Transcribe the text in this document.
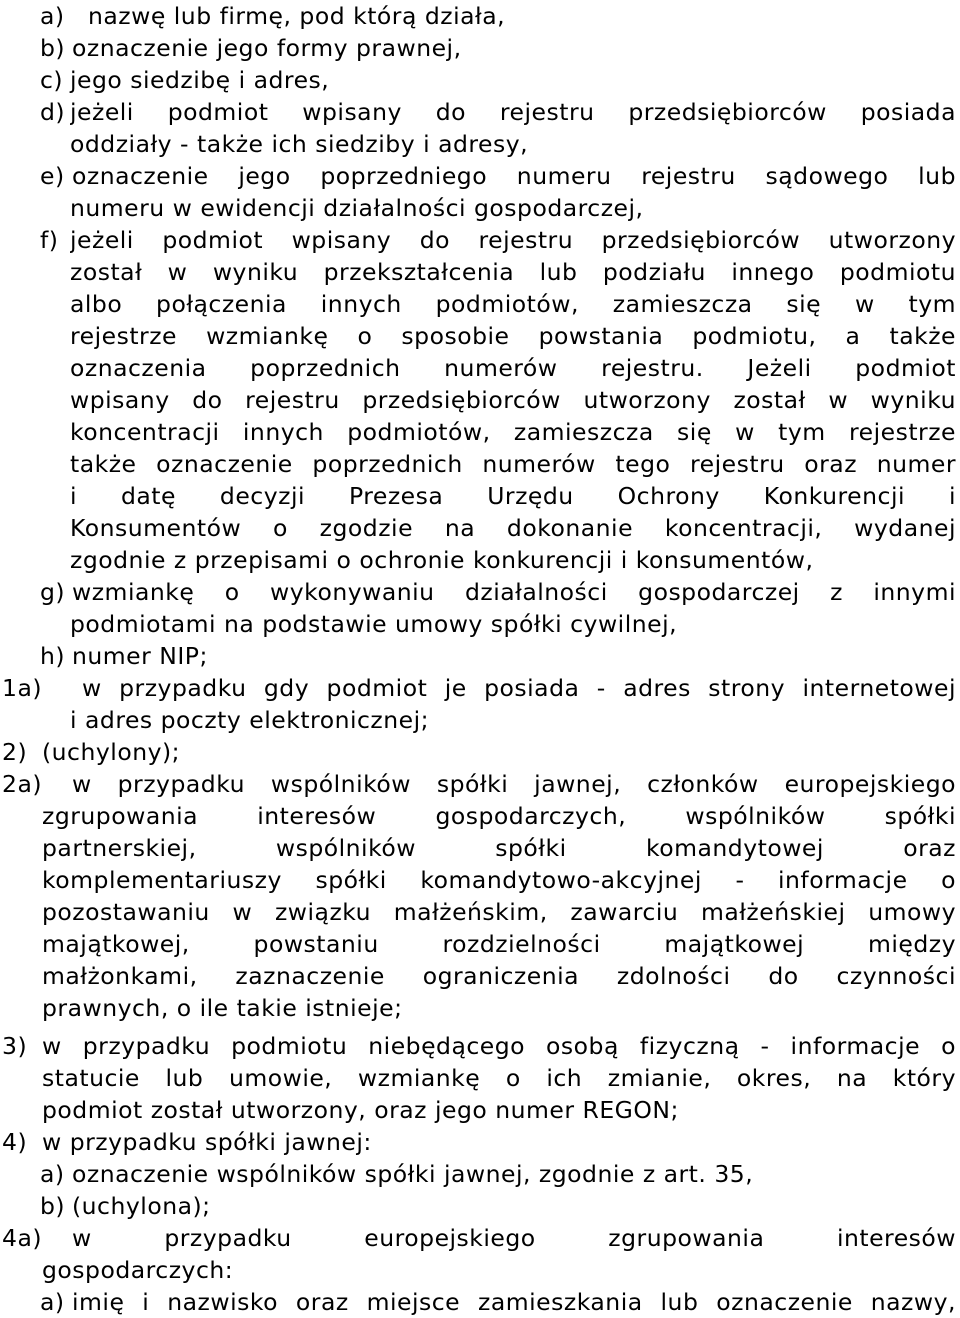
a) nazwę lub firmę, pod którą działa,
b) oznaczenie jego formy prawnej,
c) jego siedzibę i adres,
d) jeżeli podmiot wpisany do rejestru przedsiębiorców posiada
oddziały - także ich siedziby i adresy,
e) oznaczenie jego poprzedniego numeru rejestru sądowego lub
numeru w ewidencji działalności gospodarczej,
f) jeżeli podmiot wpisany do rejestru przedsiębiorców utworzony
został w wyniku przekształcenia lub podziału innego podmiotu
albo połączenia innych podmiotów, zamieszcza się w tym
rejestrze wzmiankę o sposobie powstania podmiotu, a także
oznaczenia poprzednich numerów rejestru. Jeżeli podmiot
wpisany do rejestru przedsiębiorców utworzony został w wyniku
koncentracji innych podmiotów, zamieszcza się w tym rejestrze
także oznaczenie poprzednich numerów tego rejestru oraz numer
i datę decyzji Prezesa Urzędu Ochrony Konkurencji i
Konsumentów o zgodzie na dokonanie koncentracji, wydanej
zgodnie z przepisami o ochronie konkurencji i konsumentów,
g) wzmiankę o wykonywaniu działalności gospodarczej z innymi
podmiotami na podstawie umowy spółki cywilnej,
h) numer NIP;
1a) w przypadku gdy podmiot je posiada - adres strony internetowej
i adres poczty elektronicznej;
2) (uchylony);
2a) w przypadku wspólników spółki jawnej, członków europejskiego
zgrupowania interesów gospodarczych, wspólników spółki
partnerskiej, wspólników spółki komandytowej oraz
komplementariuszy spółki komandytowo-akcyjnej - informacje o
pozostawaniu w związku małżeńskim, zawarciu małżeńskiej umowy
majątkowej, powstaniu rozdzielności majątkowej między
małżonkami, zaznaczenie ograniczenia zdolności do czynności
prawnych, o ile takie istnieje;
3) w przypadku podmiotu niebędącego osobą fizyczną - informacje o
statucie lub umowie, wzmiankę o ich zmianie, okres, na który
podmiot został utworzony, oraz jego numer REGON;
4) w przypadku spółki jawnej:
a) oznaczenie wspólników spółki jawnej, zgodnie z art. 35,
b) (uchylona);
4a) w przypadku europejskiego zgrupowania interesów
gospodarczych:
a) imię i nazwisko oraz miejsce zamieszkania lub oznaczenie nazwy,
